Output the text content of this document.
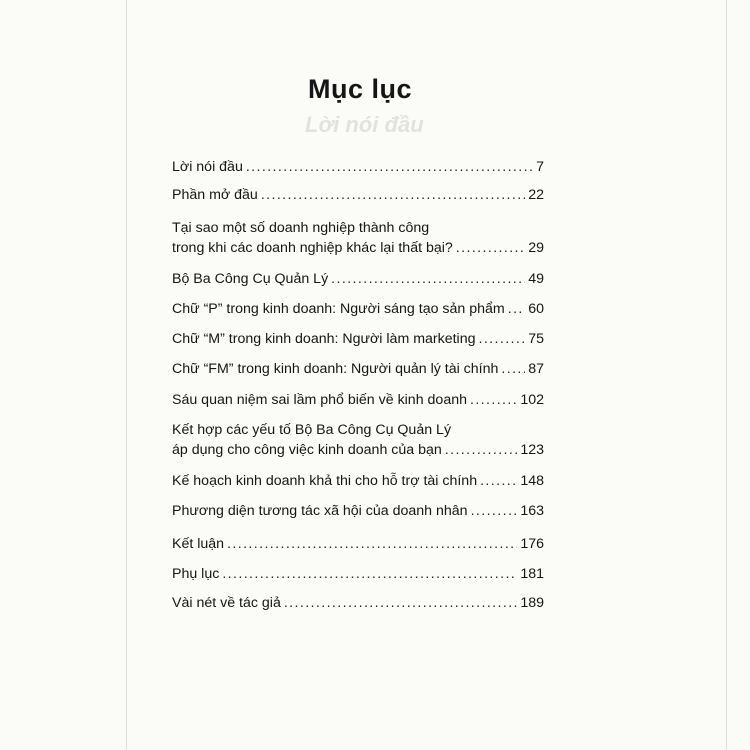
Lời nói đầu
Mục lục
Lời nói đầu .....	7
Phần mở đầu .....	22
Tại sao một số doanh nghiệp thành công
trong khi các doanh nghiệp khác lại thất bại? .....	29
Bộ Ba Công Cụ Quản Lý .....	49
Chữ “P” trong kinh doanh: Người sáng tạo sản phẩm ..... 60
Chữ “M” trong kinh doanh: Người làm marketing .....	75
Chữ “FM” trong kinh doanh: Người quản lý tài chính ..... 87
Sáu quan niệm sai lầm phổ biến về kinh doanh .....	102
Kết hợp các yếu tố Bộ Ba Công Cụ Quản Lý
áp dụng cho công việc kinh doanh của bạn .....	123
Kế hoạch kinh doanh khả thi cho hỗ trợ tài chính .....	148
Phương diện tương tác xã hội của doanh nhân .....	163
Kết luận .....	176
Phụ lục .....	181
Vài nét về tác giả .....	189
